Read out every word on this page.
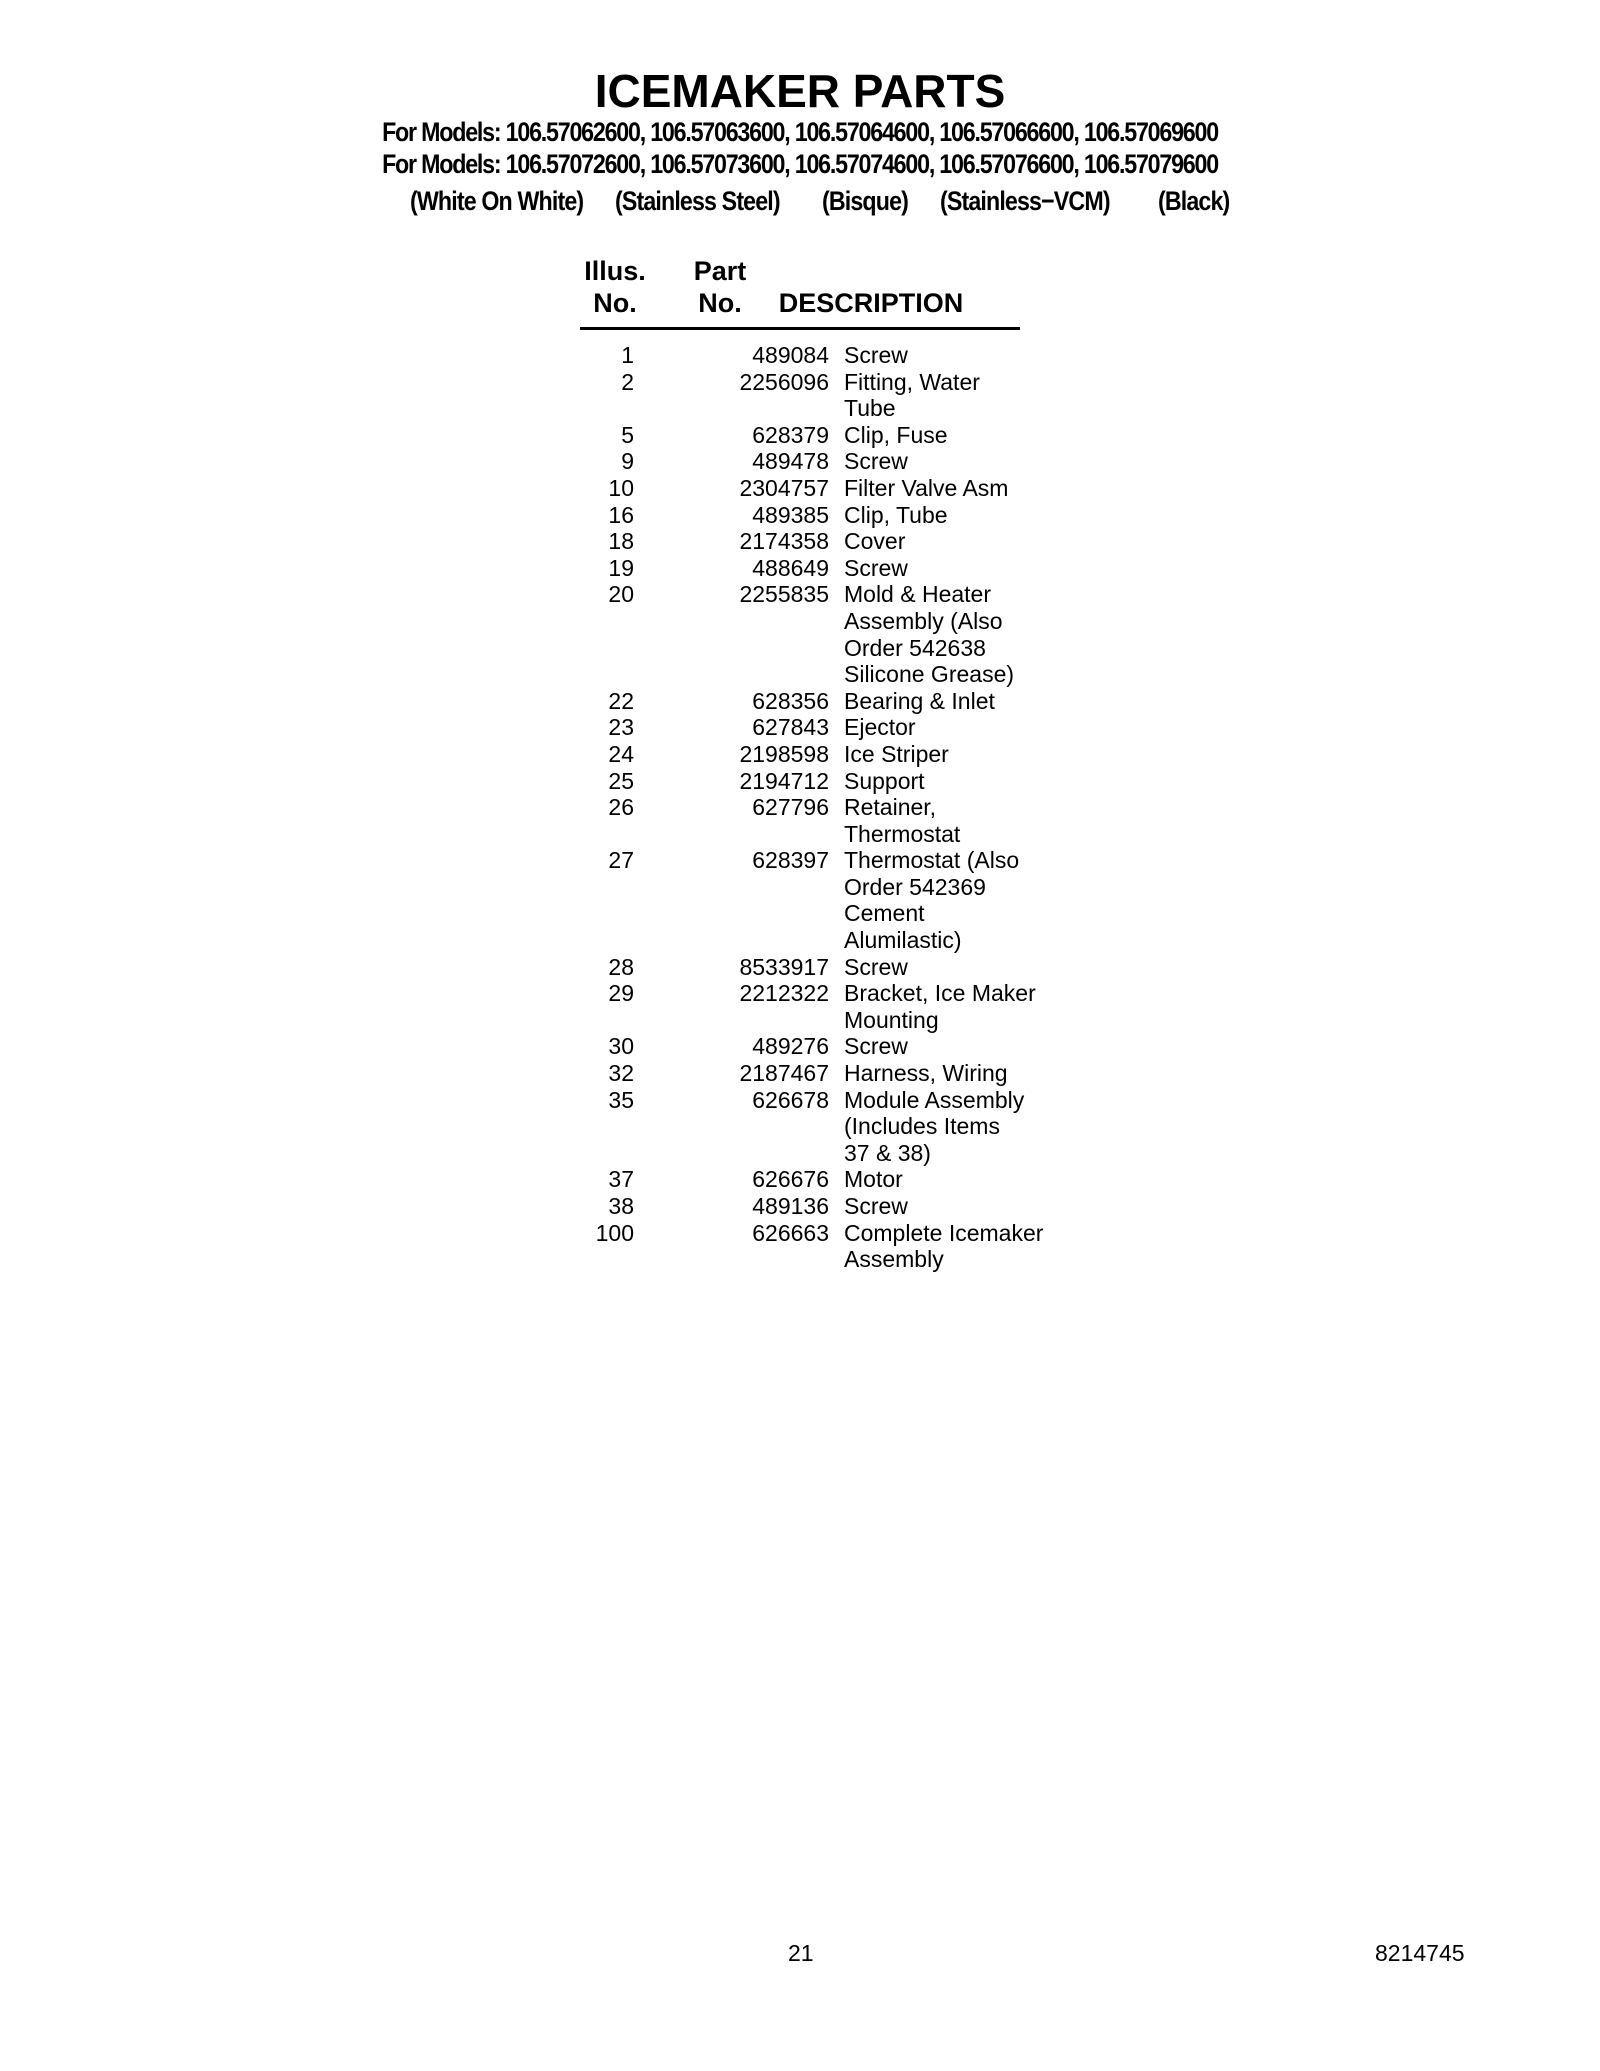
ICEMAKER PARTS
For Models: 106.57062600, 106.57063600, 106.57064600, 106.57066600, 106.57069600
For Models: 106.57072600, 106.57073600, 106.57074600, 106.57076600, 106.57079600
(White On White) (Stainless Steel) (Bisque) (Stainless−VCM) (Black)
Illus.
No.
Part
No.	DESCRIPTION
1	489084 Screw
2	2256096 Fitting, Water
Tube
5	628379 Clip, Fuse
9	489478 Screw
10	2304757 Filter Valve Asm
16	489385 Clip, Tube
18	2174358 Cover
19	488649 Screw
20	2255835 Mold & Heater
Assembly (Also
Order 542638
Silicone Grease)
22	628356 Bearing & Inlet
23	627843 Ejector
24	2198598 Ice Striper
25	2194712 Support
26	627796 Retainer,
Thermostat
27	628397 Thermostat (Also
Order 542369
Cement
Alumilastic)
28	8533917 Screw
29	2212322 Bracket, Ice Maker
Mounting
30	489276 Screw
32	2187467 Harness, Wiring
35	626678 Module Assembly
(Includes Items
37 & 38)
37	626676 Motor
38	489136 Screw
100	626663 Complete Icemaker
Assembly
21	8214745
